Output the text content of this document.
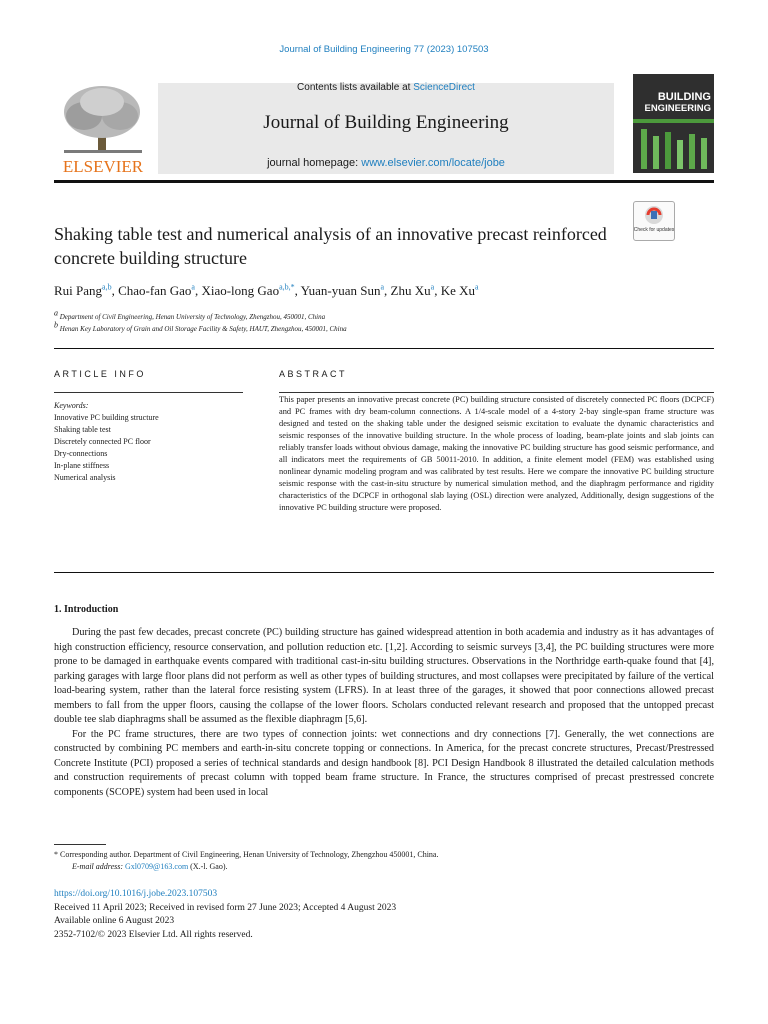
Journal of Building Engineering 77 (2023) 107503
ELSEVIER
Contents lists available at ScienceDirect
Journal of Building Engineering
journal homepage: www.elsevier.com/locate/jobe
BUILDING
ENGINEERING
Check for updates
Shaking table test and numerical analysis of an innovative precast reinforced concrete building structure
Rui Pang$^{a,b}$, Chao-fan Gao$^a$, Xiao-long Gao$^{a,b,*}$, Yuan-yuan Sun$^a$, Zhu Xu$^a$, Ke Xu$^a$
$^a$ Department of Civil Engineering, Henan University of Technology, Zhengzhou, 450001, China
$^b$ Henan Key Laboratory of Grain and Oil Storage Facility & Safety, HAUT, Zhengzhou, 450001, China
ARTICLE INFO	ABSTRACT
Keywords:
Innovative PC building structure
Shaking table test
Discretely connected PC floor
Dry-connections
In-plane stiffness
Numerical analysis
This paper presents an innovative precast concrete (PC) building structure consisted of discretely connected PC floors (DCPCF) and PC frames with dry beam-column connections. A 1/4-scale model of a 4-story 2-bay single-span frame structure was designed and tested on the shaking table under the designed seismic excitation to evaluate the dynamic characteristics and seismic responses of the innovative building structure. In the whole process of loading, beam-plate joints and slab joints can reliably transfer loads without obvious damage, making the innovative PC building structure has good seismic performance, and all indicators meet the requirements of GB 50011-2010. In addition, a finite element model (FEM) was established using nonlinear dynamic modeling program and was calibrated by test results. Here we compare the innovative PC building structure seismic response with the cast-in-situ structure by numerical simulation method, and the diaphragm performance and rigidity characteristics of the DCPCF in orthogonal slab laying (OSL) direction were analyzed, Additionally, design suggestions of the innovative PC building structure were proposed.
1. Introduction

During the past few decades, precast concrete (PC) building structure has gained widespread attention in both academia and industry as it has advantages of high construction efficiency, resource conservation, and pollution reduction etc. [1,2]. According to seismic surveys [3,4], the PC building structures were more prone to be damaged in earthquake events compared with traditional cast-in-situ building structures. Observations in the Northridge earth-quake found that [4], parking garages with large floor plans did not perform as well as other types of building structures, and most collapses were precipitated by failure of the vertical load-bearing system, rather than the lateral force resisting system (LFRS). In at least three of the garages, it showed that poor connections allowed precast members to fall from the upper floors, causing the collapse of the lower floors. Scholars conducted relevant research and proposed that the untopped precast double tee slab diaphragms shall be assumed as the flexible diaphragm [5,6].

For the PC frame structures, there are two types of connection joints: wet connections and dry connections [7]. Generally, the wet connections are constructed by combining PC members and earth-in-situ concrete topping or connections. In America, for the precast concrete structures, Precast/Prestressed Concrete Institute (PCI) proposed a series of technical standards and design handbook [8]. PCI Design Handbook 8 illustrated the detailed calculation methods and construction requirements of precast column with topped beam frame structure. In France, the structures comprised of precast prestressed concrete components (SCOPE) system had been used in local

* Corresponding author. Department of Civil Engineering, Henan University of Technology, Zhengzhou 450001, China.
E-mail address: Gxl0709@163.com (X.-l. Gao).
https://doi.org/10.1016/j.jobe.2023.107503
Received 11 April 2023; Received in revised form 27 June 2023; Accepted 4 August 2023
Available online 6 August 2023
2352-7102/© 2023 Elsevier Ltd. All rights reserved.
